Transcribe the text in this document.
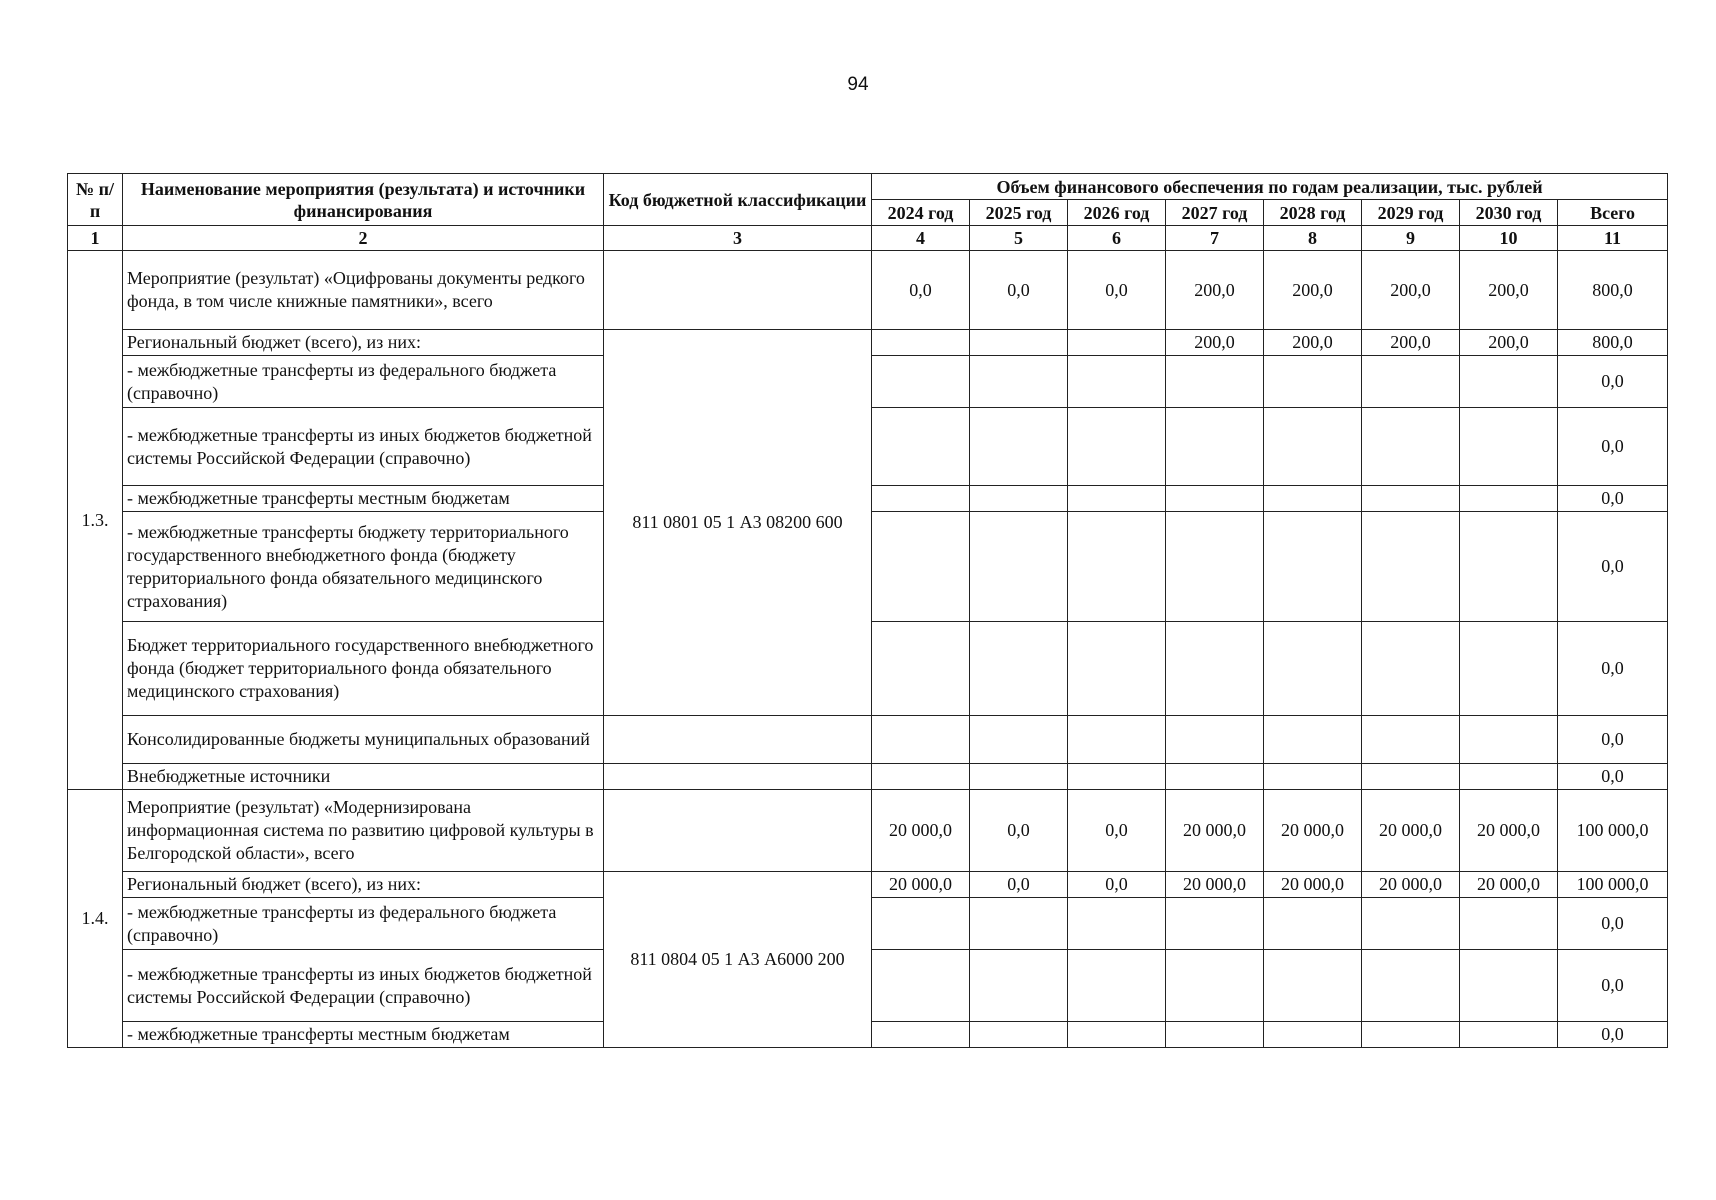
94
№ п/п	Наименование мероприятия (результата) и источники финансирования	Код бюджетной классификации	Объем финансового обеспечения по годам реализации, тыс. рублей							
			2024 год	2025 год	2026 год	2027 год	2028 год	2029 год	2030 год	Всего
1	2	3	4	5	6	7	8	9	10	11
1.3.	Мероприятие (результат) «Оцифрованы документы редкого фонда, в том числе книжные памятники», всего		0,0	0,0	0,0	200,0	200,0	200,0	200,0	800,0
	Региональный бюджет (всего), из них:	811 0801 05 1 А3 08200 600				200,0	200,0	200,0	200,0	800,0
	- межбюджетные трансферты из федерального бюджета (справочно)									0,0
	- межбюджетные трансферты из иных бюджетов бюджетной системы Российской Федерации (справочно)									0,0
	- межбюджетные трансферты местным бюджетам									0,0
	- межбюджетные трансферты бюджету территориального государственного внебюджетного фонда (бюджету территориального фонда обязательного медицинского страхования)									0,0
	Бюджет территориального государственного внебюджетного фонда (бюджет территориального фонда обязательного медицинского страхования)									0,0
	Консолидированные бюджеты муниципальных образований									0,0
	Внебюджетные источники									0,0
1.4.	Мероприятие (результат) «Модернизирована информационная система по развитию цифровой культуры в Белгородской области», всего		20 000,0	0,0	0,0	20 000,0	20 000,0	20 000,0	20 000,0	100 000,0
	Региональный бюджет (всего), из них:	811 0804 05 1 А3 А6000 200	20 000,0	0,0	0,0	20 000,0	20 000,0	20 000,0	20 000,0	100 000,0
	- межбюджетные трансферты из федерального бюджета (справочно)									0,0
	- межбюджетные трансферты из иных бюджетов бюджетной системы Российской Федерации (справочно)									0,0
	- межбюджетные трансферты местным бюджетам									0,0
